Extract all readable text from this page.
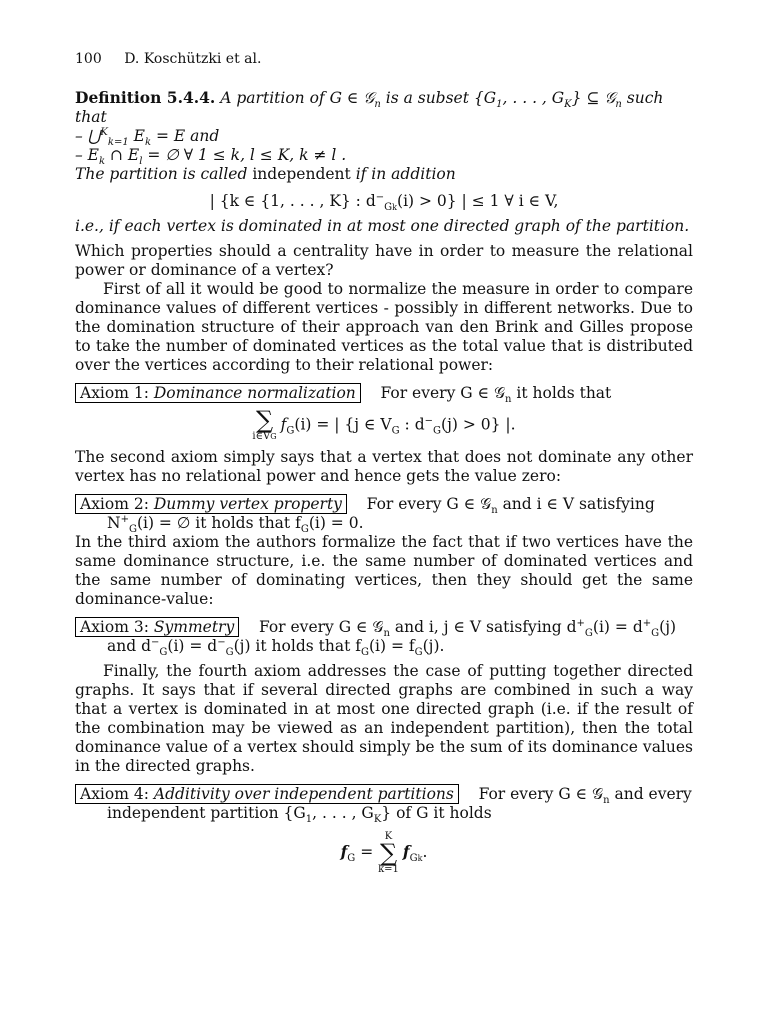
100 D. Koschützki et al.

Definition 5.4.4. A partition of G ∈ 𝒢$_n$ is a subset {$G_1$, . . . , $G_K$} ⊆ 𝒢$_n$ such
that

– ⋃$^K_{k=1}$ $E_k = E$ and

– $E_k$ ∩ $E_l$ = ∅ ∀ 1 ≤ k, l ≤ K, k ≠ l .

The partition is called independent if in addition

| {k ∈ {1, . . . , K} : $d^-_{Gk}(i) > 0$} | ≤ 1 ∀ i ∈ V,

i.e., if each vertex is dominated in at most one directed graph of the partition.

Which properties should a centrality have in order to measure the relational power or dominance of a vertex?

First of all it would be good to normalize the measure in order to compare dominance values of different vertices - possibly in different networks. Due to the domination structure of their approach van den Brink and Gilles propose to take the number of dominated vertices as the total value that is distributed over the vertices according to their relational power:

Axiom 1: Dominance normalization For every G ∈ 𝒢$_n$ it holds that
∑
i∈VG
$f_G(i)$ = | {j ∈ $V_G$ : $d^-_G(j) > 0$} |.

The second axiom simply says that a vertex that does not dominate any other vertex has no relational power and hence gets the value zero:

Axiom 2: Dummy vertex property For every G ∈ 𝒢$_n$ and i ∈ V satisfying

$N^+_G(i)$ = ∅ it holds that $f_G(i) = 0$.

In the third axiom the authors formalize the fact that if two vertices have the same dominance structure, i.e. the same number of dominated vertices and the same number of dominating vertices, then they should get the same dominance-value:

Axiom 3: Symmetry For every G ∈ 𝒢$_n$ and i, j ∈ V satisfying $d^+_G(i) = d^+_G(j)$

and $d^-_G(i) = d^-_G(j)$ it holds that $f_G(i) = f_G(j)$.

Finally, the fourth axiom addresses the case of putting together directed graphs. It says that if several directed graphs are combined in such a way that a vertex is dominated in at most one directed graph (i.e. if the result of the combination may be viewed as an independent partition), then the total dominance value of a vertex should simply be the sum of its dominance values in the directed graphs.

Axiom 4: Additivity over independent partitions For every G ∈ 𝒢$_n$ and every

independent partition {$G_1$, . . . , $G_K$} of G it holds

$f_G$ =
K
∑
k=1
$f_{Gk}$.
